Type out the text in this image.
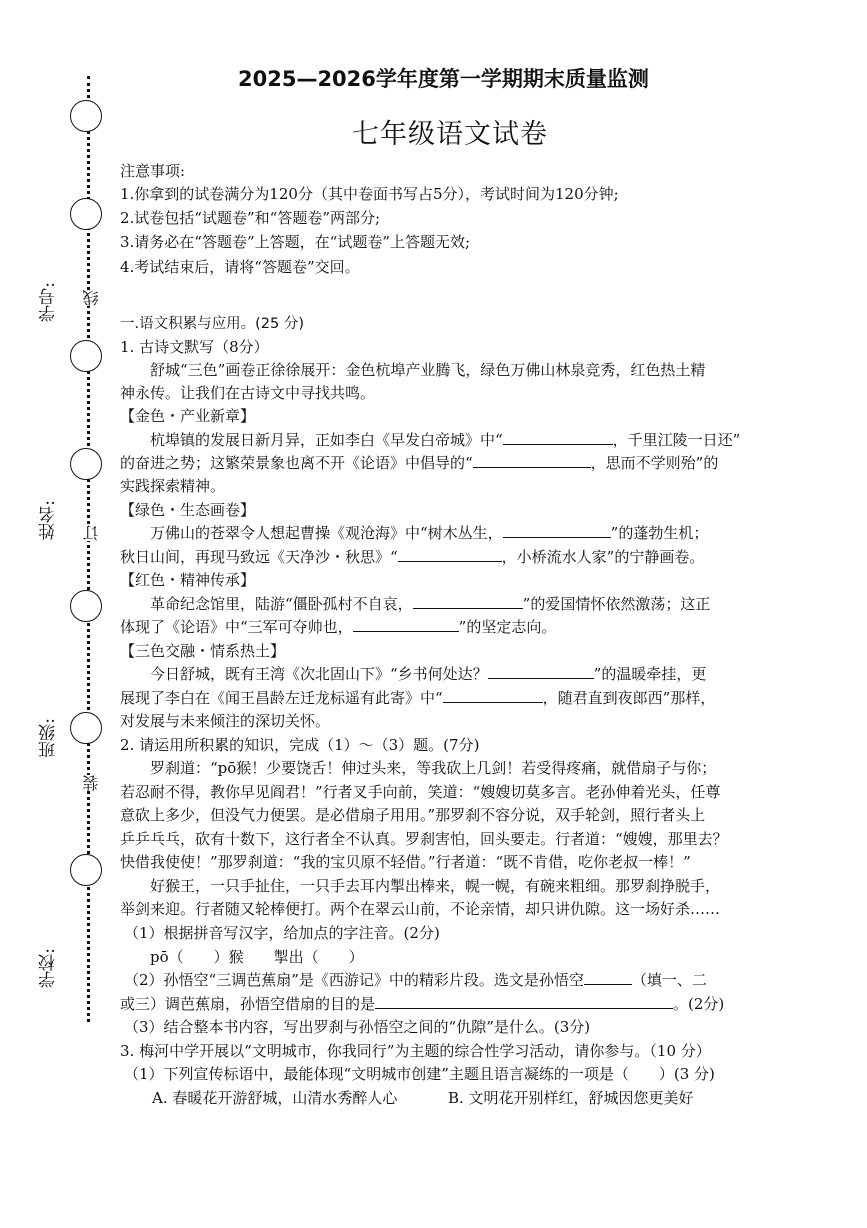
学号:
姓名:
班级:
学校:
线
订
装
2025—2026学年度第一学期期末质量监测
七年级语文试卷
注意事项:
1.你拿到的试卷满分为120分（其中卷面书写占5分），考试时间为120分钟;
2.试卷包括“试题卷”和“答题卷”两部分;
3.请务必在“答题卷”上答题，在“试题卷”上答题无效;
4.考试结束后，请将“答题卷”交回。
一.语文积累与应用。(25 分)
1. 古诗文默写（8分）
舒城“三色”画卷正徐徐展开：金色杭埠产业腾飞，绿色万佛山林泉竞秀，红色热土精
神永传。让我们在古诗文中寻找共鸣。
【金色・产业新章】
杭埠镇的发展日新月异，正如李白《早发白帝城》中“	，千里江陵一日还”
的奋进之势；这繁荣景象也离不开《论语》中倡导的“	，思而不学则殆”的
实践探索精神。
【绿色・生态画卷】
万佛山的苍翠令人想起曹操《观沧海》中“树木丛生，	”的蓬勃生机；
秋日山间，再现马致远《天净沙・秋思》“	，小桥流水人家”的宁静画卷。
【红色・精神传承】
革命纪念馆里，陆游“僵卧孤村不自哀，	”的爱国情怀依然激荡；这正
体现了《论语》中“三军可夺帅也，	”的坚定志向。
【三色交融・情系热土】
今日舒城，既有王湾《次北固山下》“乡书何处达？	”的温暖牵挂，更
展现了李白在《闻王昌龄左迁龙标遥有此寄》中“	，随君直到夜郎西”那样，
对发展与未来倾注的深切关怀。
2. 请运用所积累的知识，完成（1）～（3）题。(7分)
罗刹道：“pō猴！少要饶舌！伸过头来，等我砍上几剑！若受得疼痛，就借扇子与你；
若忍耐不得，教你早见阎君！”行者叉手向前，笑道：“嫂嫂切莫多言。老孙伸着光头，任尊
意砍上多少，但没气力便罢。是必借扇子用用。”那罗刹不容分说，双手轮剑，照行者头上
乒乒乓乓，砍有十数下，这行者全不认真。罗刹害怕，回头要走。行者道：“嫂嫂，那里去？
快借我使使！”那罗刹道：“我的宝贝原不轻借。”行者道：“既不肯借，吃你老叔一棒！”
好猴王，一只手扯住，一只手去耳内掣出棒来，幌一幌，有碗来粗细。那罗刹挣脱手，
举剑来迎。行者随又轮棒便打。两个在翠云山前，不论亲情，却只讲仇隙。这一场好杀……
（1）根据拼音写汉字，给加点的字注音。(2分)
pō（　　）猴　　掣出（　　）
（2）孙悟空“三调芭蕉扇”是《西游记》中的精彩片段。选文是孙悟空	（填一、二
或三）调芭蕉扇，孙悟空借扇的目的是	。(2分)
（3）结合整本书内容，写出罗刹与孙悟空之间的“仇隙”是什么。(3分)
3. 梅河中学开展以“文明城市，你我同行”为主题的综合性学习活动，请你参与。（10 分）
（1）下列宣传标语中，最能体现“文明城市创建”主题且语言凝练的一项是（　　）(3 分)
A. 春暖花开游舒城，山清水秀醉人心	B. 文明花开别样红，舒城因您更美好
